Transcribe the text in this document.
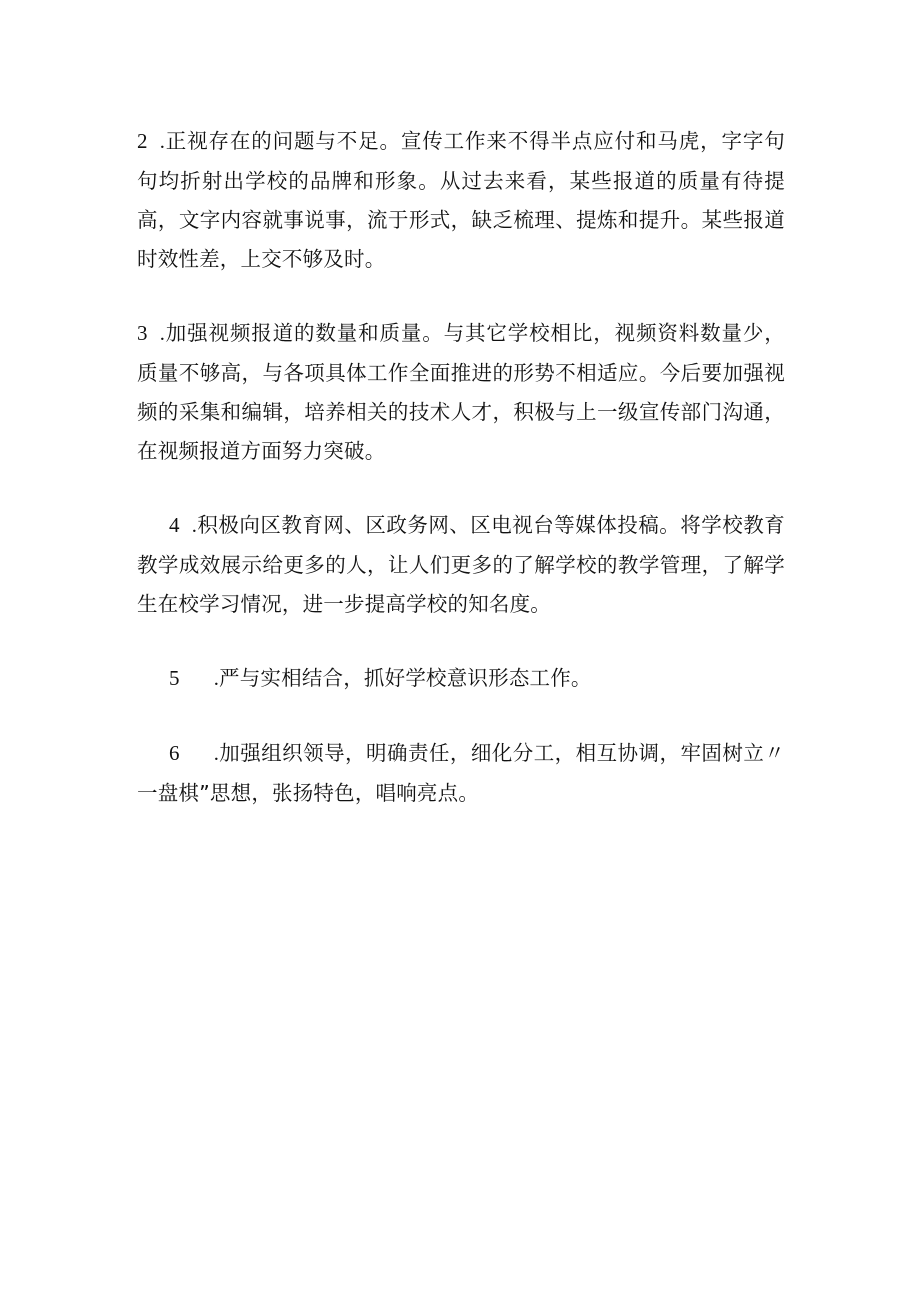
2 .正视存在的问题与不足。宣传工作来不得半点应付和马虎，字字句句均折射出学校的品牌和形象。从过去来看，某些报道的质量有待提高，文字内容就事说事，流于形式，缺乏梳理、提炼和提升。某些报道时效性差，上交不够及时。

3 .加强视频报道的数量和质量。与其它学校相比，视频资料数量少，质量不够高，与各项具体工作全面推进的形势不相适应。今后要加强视频的采集和编辑，培养相关的技术人才，积极与上一级宣传部门沟通，在视频报道方面努力突破。

4 .积极向区教育网、区政务网、区电视台等媒体投稿。将学校教育教学成效展示给更多的人，让人们更多的了解学校的教学管理，了解学生在校学习情况，进一步提高学校的知名度。

5 .严与实相结合，抓好学校意识形态工作。

6 .加强组织领导，明确责任，细化分工，相互协调，牢固树立〃一盘棋”思想，张扬特色，唱响亮点。
